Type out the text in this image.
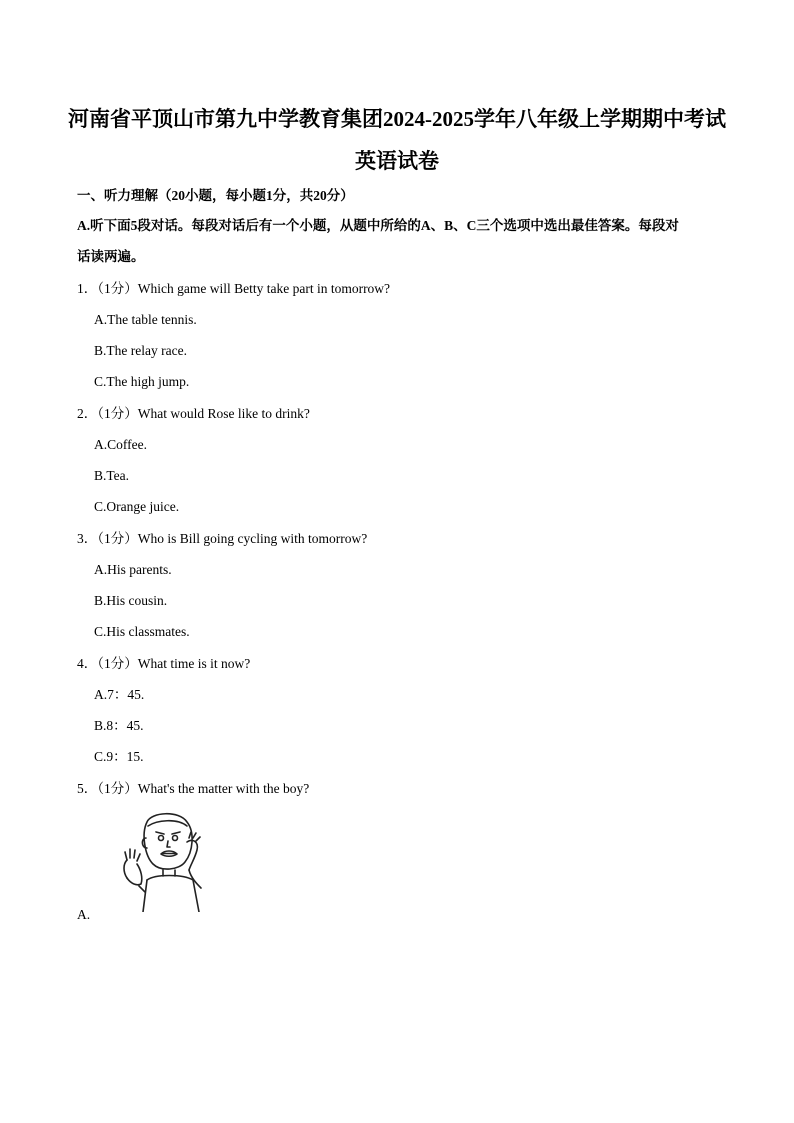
河南省平顶山市第九中学教育集团2024-2025学年八年级上学期期中考试
英语试卷
一、听力理解（20小题，每小题1分，共20分）
A.听下面5段对话。每段对话后有一个小题，从题中所给的A、B、C三个选项中选出最佳答案。每段对
话读两遍。
1．（1分）Which game will Betty take part in tomorrow?
A.The table tennis.
B.The relay race.
C.The high jump.
2．（1分）What would Rose like to drink?
A.Coffee.
B.Tea.
C.Orange juice.
3．（1分）Who is Bill going cycling with tomorrow?
A.His parents.
B.His cousin.
C.His classmates.
4．（1分）What time is it now?
A.7：45.
B.8：45.
C.9：15.
5．（1分）What's the matter with the boy?
A.
